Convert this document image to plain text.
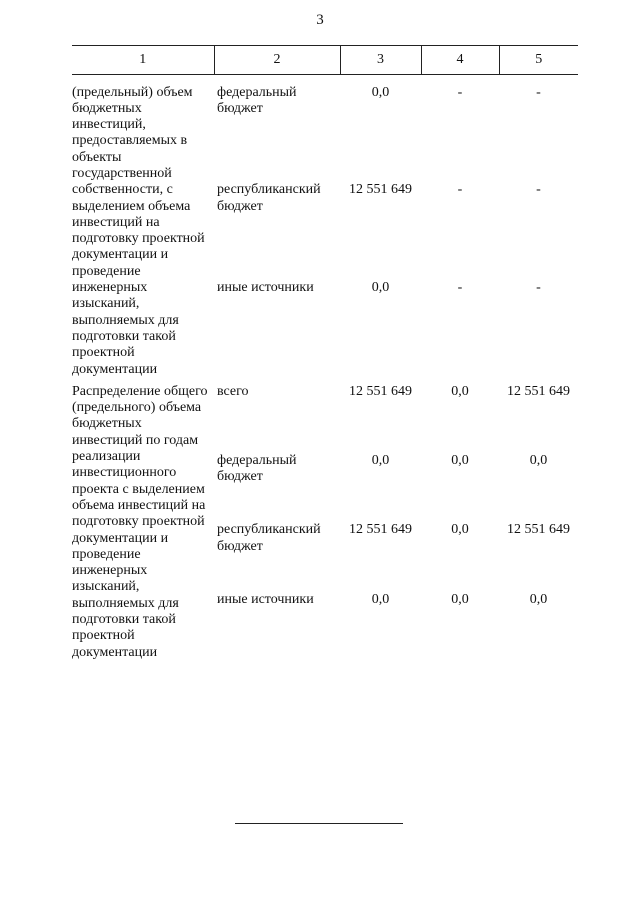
3
1	2	3	4	5

(предельный) объем бюджетных инвестиций, предоставляемых в объекты государственной собственности, с выделением объема инвестиций на подготовку проектной документации и проведение инженерных изысканий, выполняемых для подготовки такой проектной документации	федеральный бюджет	0,0	-	-

	республиканский бюджет	12 551 649	-	-

	иные источники	0,0	-	-

Распределение общего (предельного) объема бюджетных инвестиций по годам реализации инвестиционного проекта с выделением объема инвестиций на подготовку проектной документации и проведение инженерных изысканий, выполняемых для подготовки такой проектной документации	всего	12 551 649	0,0	12 551 649

	федеральный бюджет	0,0	0,0	0,0

	республиканский бюджет	12 551 649	0,0	12 551 649

	иные источники	0,0	0,0	0,0
